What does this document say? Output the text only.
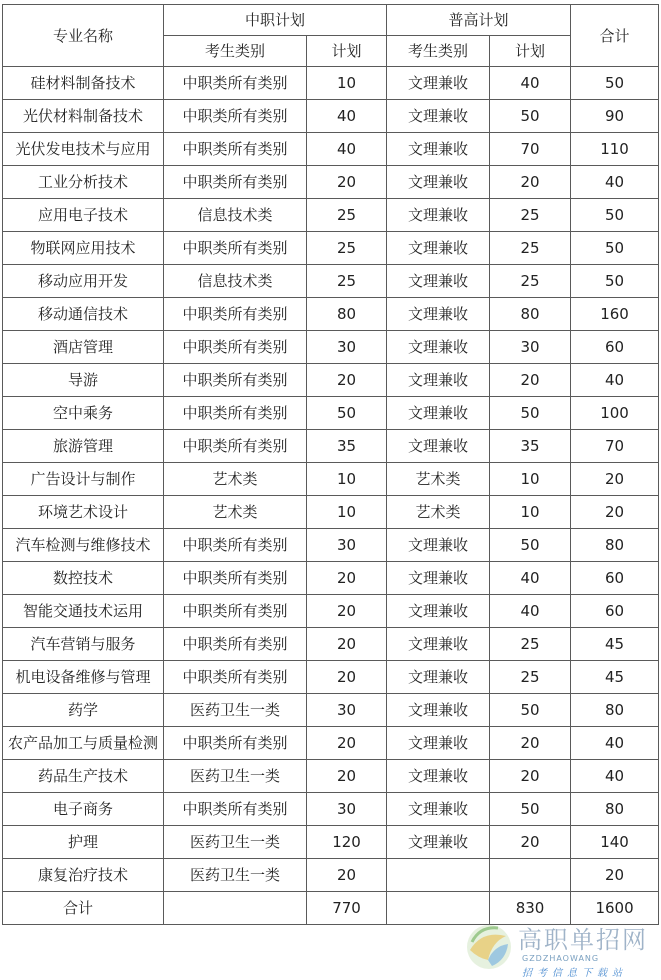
专业名称	中职计划		普高计划		合计
	考生类别	计划	考生类别	计划	
硅材料制备技术	中职类所有类别	10	文理兼收	40	50
光伏材料制备技术	中职类所有类别	40	文理兼收	50	90
光伏发电技术与应用	中职类所有类别	40	文理兼收	70	110
工业分析技术	中职类所有类别	20	文理兼收	20	40
应用电子技术	信息技术类	25	文理兼收	25	50
物联网应用技术	中职类所有类别	25	文理兼收	25	50
移动应用开发	信息技术类	25	文理兼收	25	50
移动通信技术	中职类所有类别	80	文理兼收	80	160
酒店管理	中职类所有类别	30	文理兼收	30	60
导游	中职类所有类别	20	文理兼收	20	40
空中乘务	中职类所有类别	50	文理兼收	50	100
旅游管理	中职类所有类别	35	文理兼收	35	70
广告设计与制作	艺术类	10	艺术类	10	20
环境艺术设计	艺术类	10	艺术类	10	20
汽车检测与维修技术	中职类所有类别	30	文理兼收	50	80
数控技术	中职类所有类别	20	文理兼收	40	60
智能交通技术运用	中职类所有类别	20	文理兼收	40	60
汽车营销与服务	中职类所有类别	20	文理兼收	25	45
机电设备维修与管理	中职类所有类别	20	文理兼收	25	45
药学	医药卫生一类	30	文理兼收	50	80
农产品加工与质量检测	中职类所有类别	20	文理兼收	20	40
药品生产技术	医药卫生一类	20	文理兼收	20	40
电子商务	中职类所有类别	30	文理兼收	50	80
护理	医药卫生一类	120	文理兼收	20	140
康复治疗技术	医药卫生一类	20			20
合计		770		830	1600
高职单招网
GZDZHAOWANG
招考信息下载站
